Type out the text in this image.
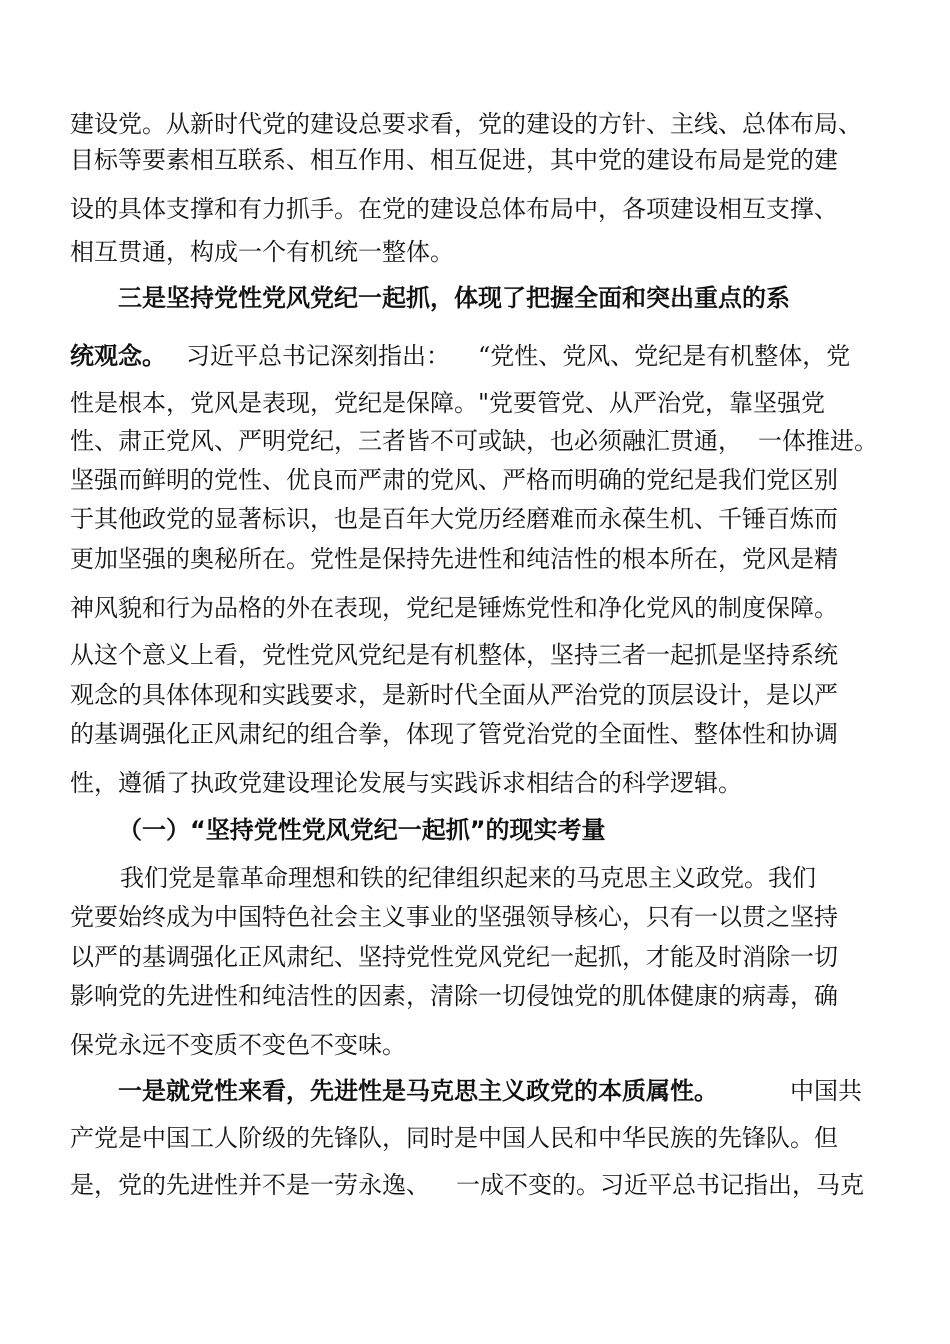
建设党。从新时代党的建设总要求看，党的建设的方针、主线、总体布局、
目标等要素相互联系、相互作用、相互促进，其中党的建设布局是党的建
设的具体支撑和有力抓手。在党的建设总体布局中，各项建设相互支撑、
相互贯通，构成一个有机统一整体。
三是坚持党性党风党纪一起抓，体现了把握全面和突出重点的系
统观念。 习近平总书记深刻指出： “党性、党风、党纪是有机整体，党
性是根本，党风是表现，党纪是保障。"党要管党、从严治党，靠坚强党
性、肃正党风、严明党纪，三者皆不可或缺，也必须融汇贯通， 一体推进。
坚强而鲜明的党性、优良而严肃的党风、严格而明确的党纪是我们党区别
于其他政党的显著标识，也是百年大党历经磨难而永葆生机、千锤百炼而
更加坚强的奥秘所在。党性是保持先进性和纯洁性的根本所在，党风是精
神风貌和行为品格的外在表现，党纪是锤炼党性和净化党风的制度保障。
从这个意义上看，党性党风党纪是有机整体，坚持三者一起抓是坚持系统
观念的具体体现和实践要求，是新时代全面从严治党的顶层设计，是以严
的基调强化正风肃纪的组合拳，体现了管党治党的全面性、整体性和协调
性，遵循了执政党建设理论发展与实践诉求相结合的科学逻辑。
（一）“坚持党性党风党纪一起抓”的现实考量
我们党是靠革命理想和铁的纪律组织起来的马克思主义政党。我们
党要始终成为中国特色社会主义事业的坚强领导核心，只有一以贯之坚持
以严的基调强化正风肃纪、坚持党性党风党纪一起抓，才能及时消除一切
影响党的先进性和纯洁性的因素，清除一切侵蚀党的肌体健康的病毒，确
保党永远不变质不变色不变味。
一是就党性来看，先进性是马克思主义政党的本质属性。	中国共
产党是中国工人阶级的先锋队，同时是中国人民和中华民族的先锋队。但
是，党的先进性并不是一劳永逸、 一成不变的。习近平总书记指出，马克
